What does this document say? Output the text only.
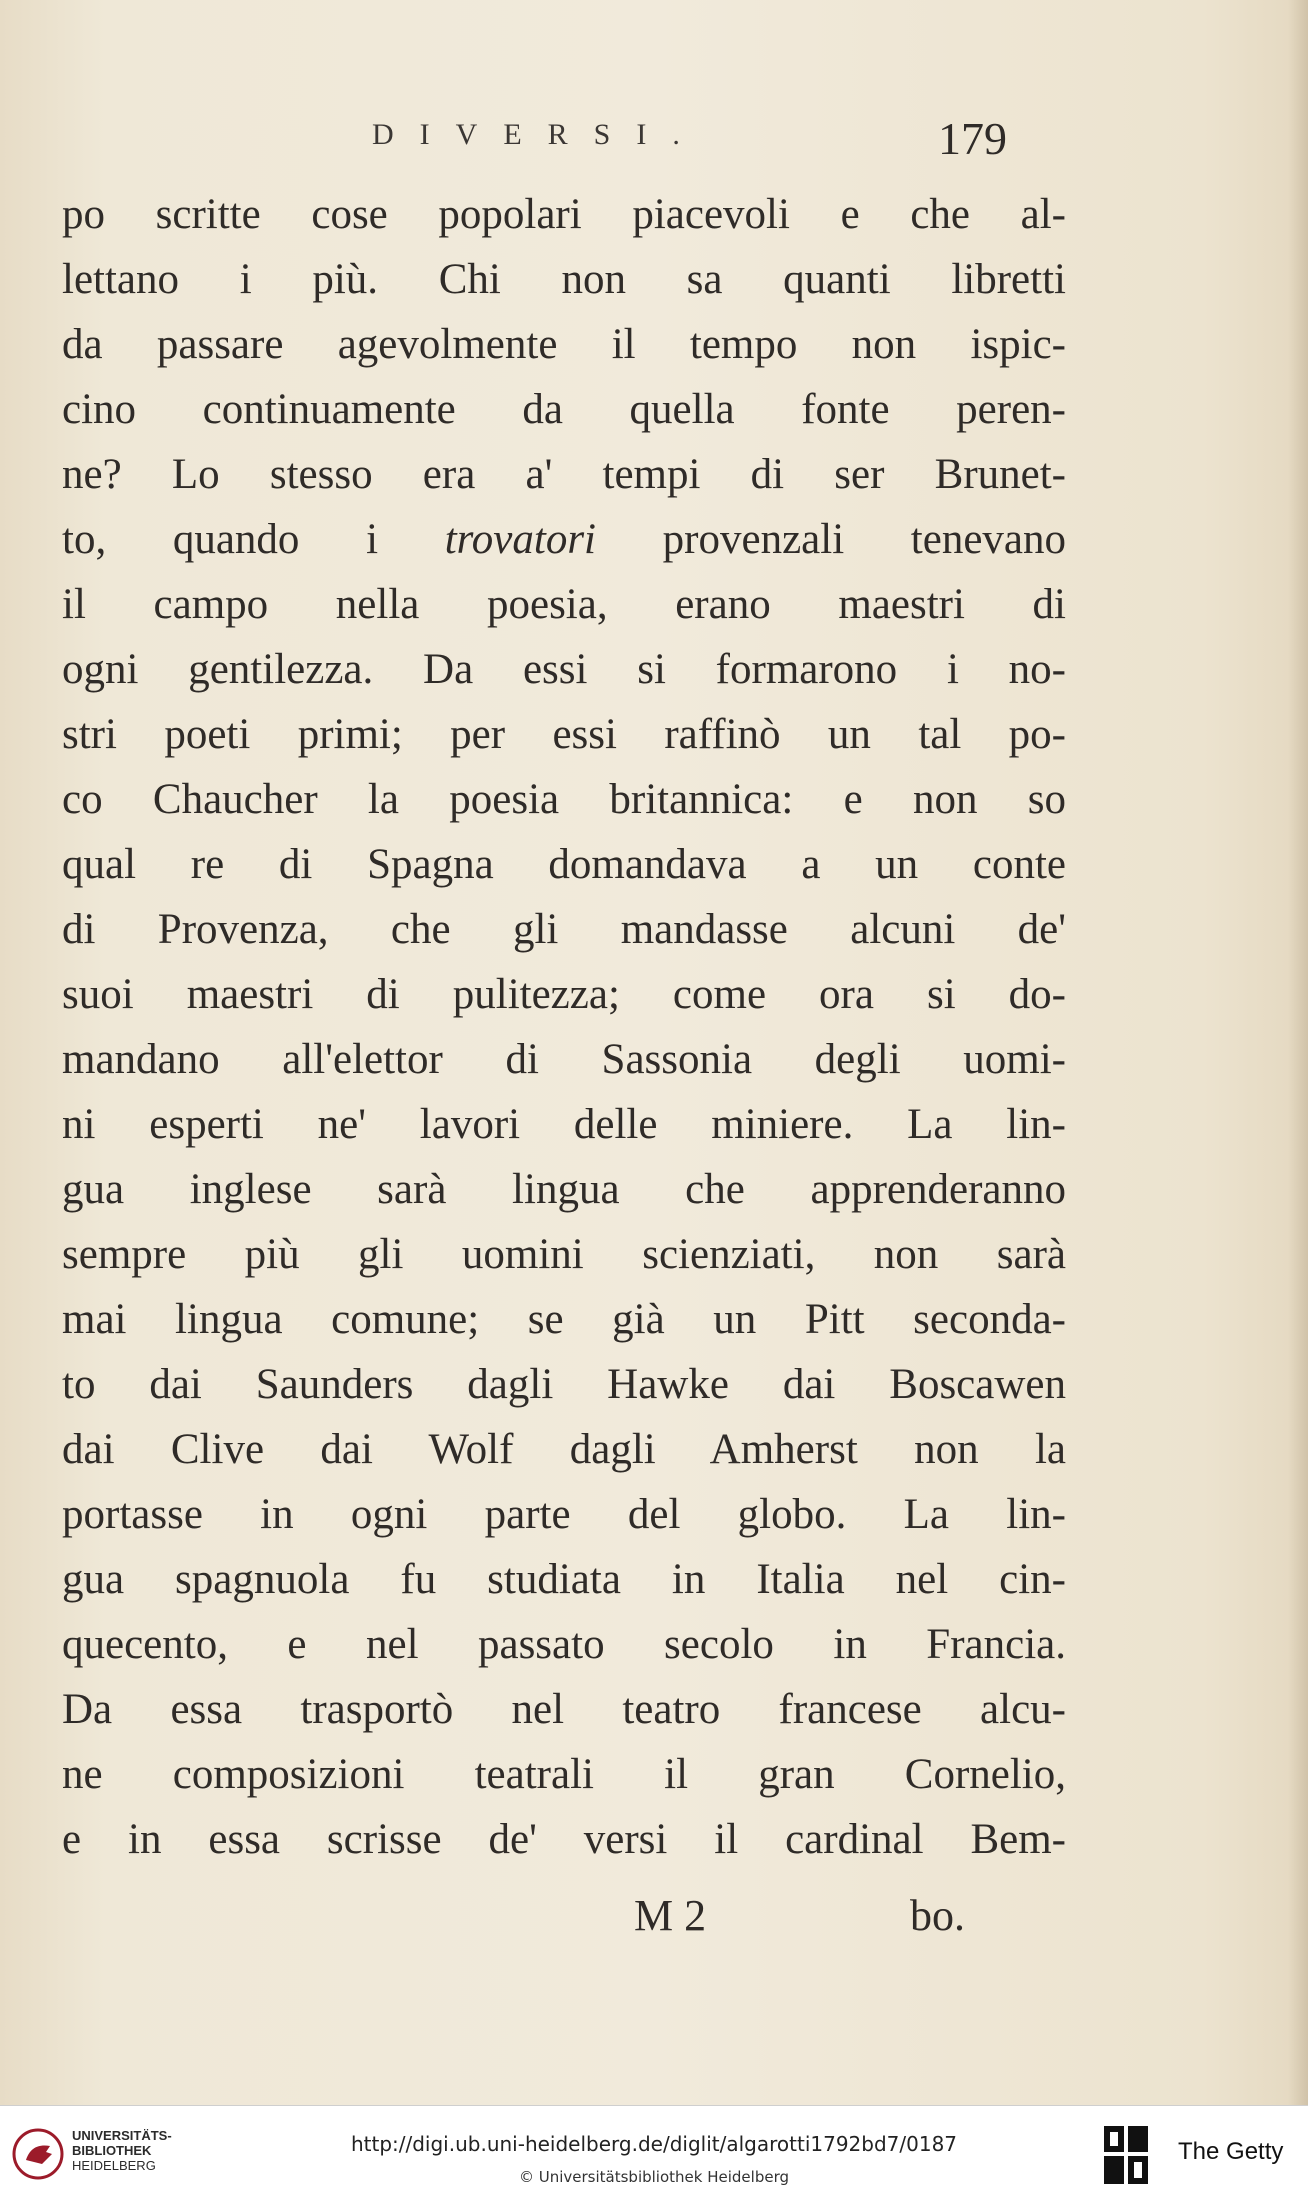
DIVERSI.	179
po scritte cose popolari piacevoli e che al-
lettano i più. Chi non sa quanti libretti
da passare agevolmente il tempo non ispic-
cino continuamente da quella fonte peren-
ne? Lo stesso era a' tempi di ser Brunet-
to, quando i trovatori provenzali tenevano
il campo nella poesia, erano maestri di
ogni gentilezza. Da essi si formarono i no-
stri poeti primi; per essi raffinò un tal po-
co Chaucher la poesia britannica: e non so
qual re di Spagna domandava a un conte
di Provenza, che gli mandasse alcuni de'
suoi maestri di pulitezza; come ora si do-
mandano all'elettor di Sassonia degli uomi-
ni esperti ne' lavori delle miniere. La lin-
gua inglese sarà lingua che apprenderanno
sempre più gli uomini scienziati, non sarà
mai lingua comune; se già un Pitt seconda-
to dai Saunders dagli Hawke dai Boscawen
dai Clive dai Wolf dagli Amherst non la
portasse in ogni parte del globo. La lin-
gua spagnuola fu studiata in Italia nel cin-
quecento, e nel passato secolo in Francia.
Da essa trasportò nel teatro francese alcu-
ne composizioni teatrali il gran Cornelio,
e in essa scrisse de' versi il cardinal Bem-
M 2	bo.
UNIVERSITÄTS-
BIBLIOTHEK
HEIDELBERG
http://digi.ub.uni-heidelberg.de/diglit/algarotti1792bd7/0187
© Universitätsbibliothek Heidelberg
The Getty
